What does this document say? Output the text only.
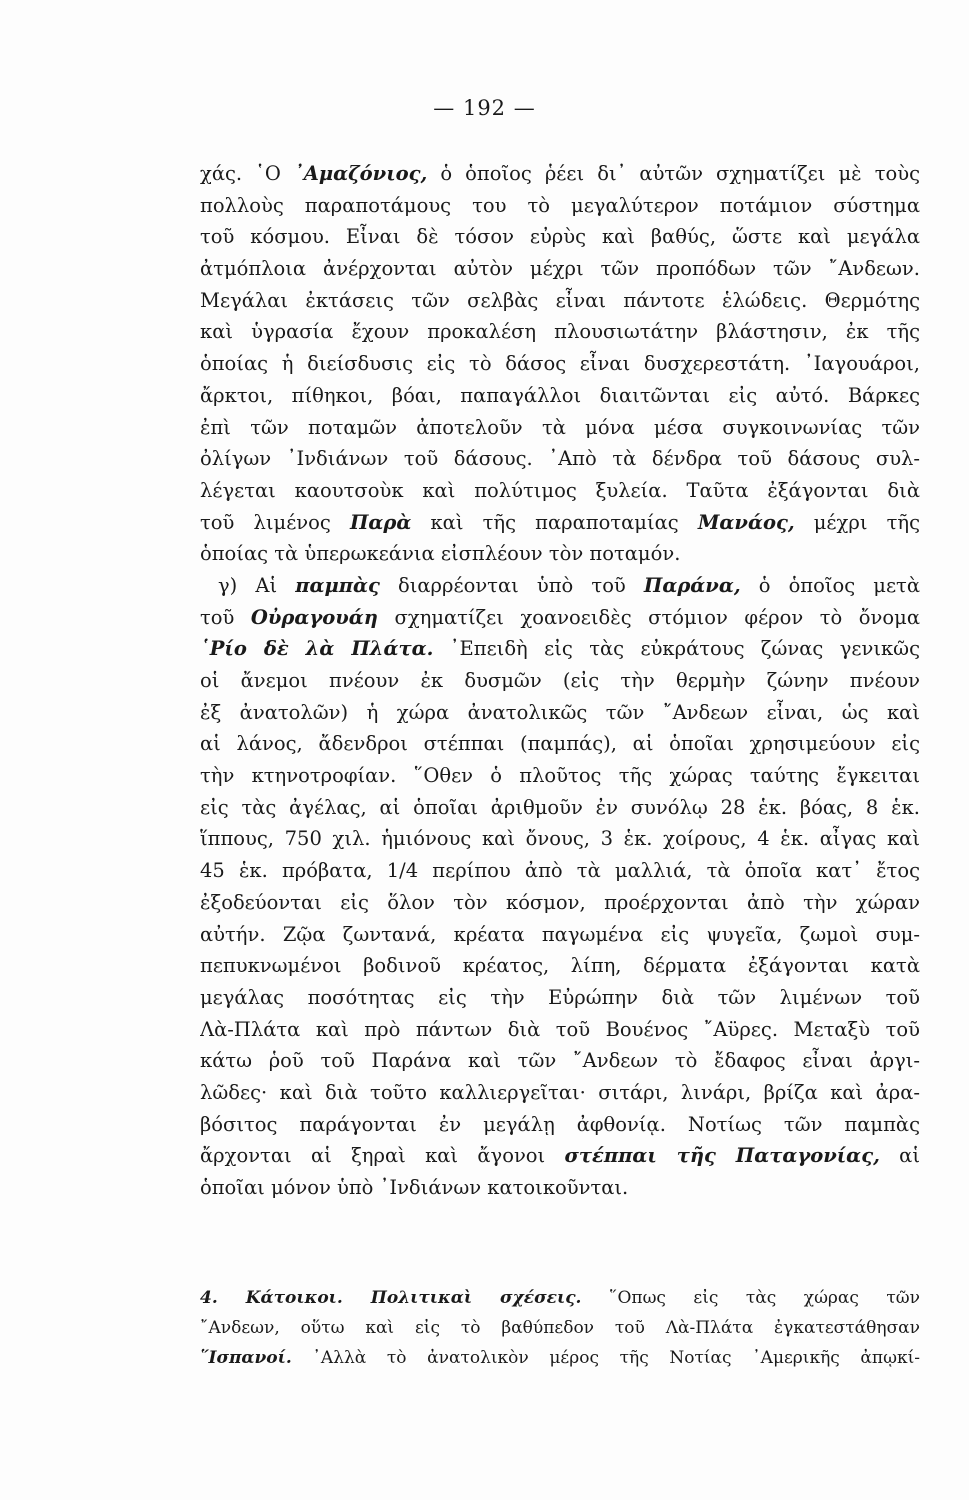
— 192 —
χάς. ῾Ο ᾿Αμαζόνιος, ὁ ὁποῖος ῥέει δι᾿ αὐτῶν σχηματίζει μὲ τοὺς
πολλοὺς παραποτάμους του τὸ μεγαλύτερον ποτάμιον σύστημα
τοῦ κόσμου. Εἶναι δὲ τόσον εὐρὺς καὶ βαθύς, ὥστε καὶ μεγάλα
ἀτμόπλοια ἀνέρχονται αὐτὸν μέχρι τῶν προπόδων τῶν ῎Ανδεων.
Μεγάλαι ἐκτάσεις τῶν σελβὰς εἶναι πάντοτε ἑλώδεις. Θερμότης
καὶ ὑγρασία ἔχουν προκαλέση πλουσιωτάτην βλάστησιν, ἐκ τῆς
ὁποίας ἡ διείσδυσις εἰς τὸ δάσος εἶναι δυσχερεστάτη. ᾿Ιαγουάροι,
ἄρκτοι, πίθηκοι, βόαι, παπαγάλλοι διαιτῶνται εἰς αὐτό. Βάρκες
ἐπὶ τῶν ποταμῶν ἀποτελοῦν τὰ μόνα μέσα συγκοινωνίας τῶν
ὀλίγων ᾿Ινδιάνων τοῦ δάσους. ᾿Απὸ τὰ δένδρα τοῦ δάσους συλ-
λέγεται καουτσοὺκ καὶ πολύτιμος ξυλεία. Ταῦτα ἐξάγονται διὰ
τοῦ λιμένος Παρὰ καὶ τῆς παραποταμίας Μανάος, μέχρι τῆς
ὁποίας τὰ ὑπερωκεάνια εἰσπλέουν τὸν ποταμόν.
γ) Αἱ παμπὰς διαρρέονται ὑπὸ τοῦ Παράνα, ὁ ὁποῖος μετὰ
τοῦ Οὐραγουάη σχηματίζει χοανοειδὲς στόμιον φέρον τὸ ὄνομα
῾Ρίο δὲ λὰ Πλάτα. ᾿Επειδὴ εἰς τὰς εὐκράτους ζώνας γενικῶς
οἱ ἄνεμοι πνέουν ἐκ δυσμῶν (εἰς τὴν θερμὴν ζώνην πνέουν
ἐξ ἀνατολῶν) ἡ χώρα ἀνατολικῶς τῶν ῎Ανδεων εἶναι, ὡς καὶ
αἱ λάνος, ἄδενδροι στέππαι (παμπάς), αἱ ὁποῖαι χρησιμεύουν εἰς
τὴν κτηνοτροφίαν. ῞Οθεν ὁ πλοῦτος τῆς χώρας ταύτης ἔγκειται
εἰς τὰς ἀγέλας, αἱ ὁποῖαι ἀριθμοῦν ἐν συνόλῳ 28 ἑκ. βόας, 8 ἑκ.
ἵππους, 750 χιλ. ἡμιόνους καὶ ὄνους, 3 ἑκ. χοίρους, 4 ἑκ. αἶγας καὶ
45 ἑκ. πρόβατα, 1/4 περίπου ἀπὸ τὰ μαλλιά, τὰ ὁποῖα κατ᾿ ἔτος
ἐξοδεύονται εἰς ὅλον τὸν κόσμον, προέρχονται ἀπὸ τὴν χώραν
αὐτήν. Ζῷα ζωντανά, κρέατα παγωμένα εἰς ψυγεῖα, ζωμοὶ συμ-
πεπυκνωμένοι βοδινοῦ κρέατος, λίπη, δέρματα ἐξάγονται κατὰ
μεγάλας ποσότητας εἰς τὴν Εὐρώπην διὰ τῶν λιμένων τοῦ
Λὰ-Πλάτα καὶ πρὸ πάντων διὰ τοῦ Βουένος ῎Αϋρες. Μεταξὺ τοῦ
κάτω ῥοῦ τοῦ Παράνα καὶ τῶν ῎Ανδεων τὸ ἔδαφος εἶναι ἀργι-
λῶδες· καὶ διὰ τοῦτο καλλιεργεῖται· σιτάρι, λινάρι, βρίζα καὶ ἀρα-
βόσιτος παράγονται ἐν μεγάλῃ ἀφθονίᾳ. Νοτίως τῶν παμπὰς
ἄρχονται αἱ ξηραὶ καὶ ἄγονοι στέππαι τῆς Παταγονίας, αἱ
ὁποῖαι μόνον ὑπὸ ᾿Ινδιάνων κατοικοῦνται.
4. Κάτοικοι. Πολιτικαὶ σχέσεις. ῞Οπως εἰς τὰς χώρας τῶν
῎Ανδεων, οὕτω καὶ εἰς τὸ βαθύπεδον τοῦ Λὰ-Πλάτα ἐγκατεστάθησαν
῞Ισπανοί. ᾿Αλλὰ τὸ ἀνατολικὸν μέρος τῆς Νοτίας ᾿Αμερικῆς ἀπῳκί-
